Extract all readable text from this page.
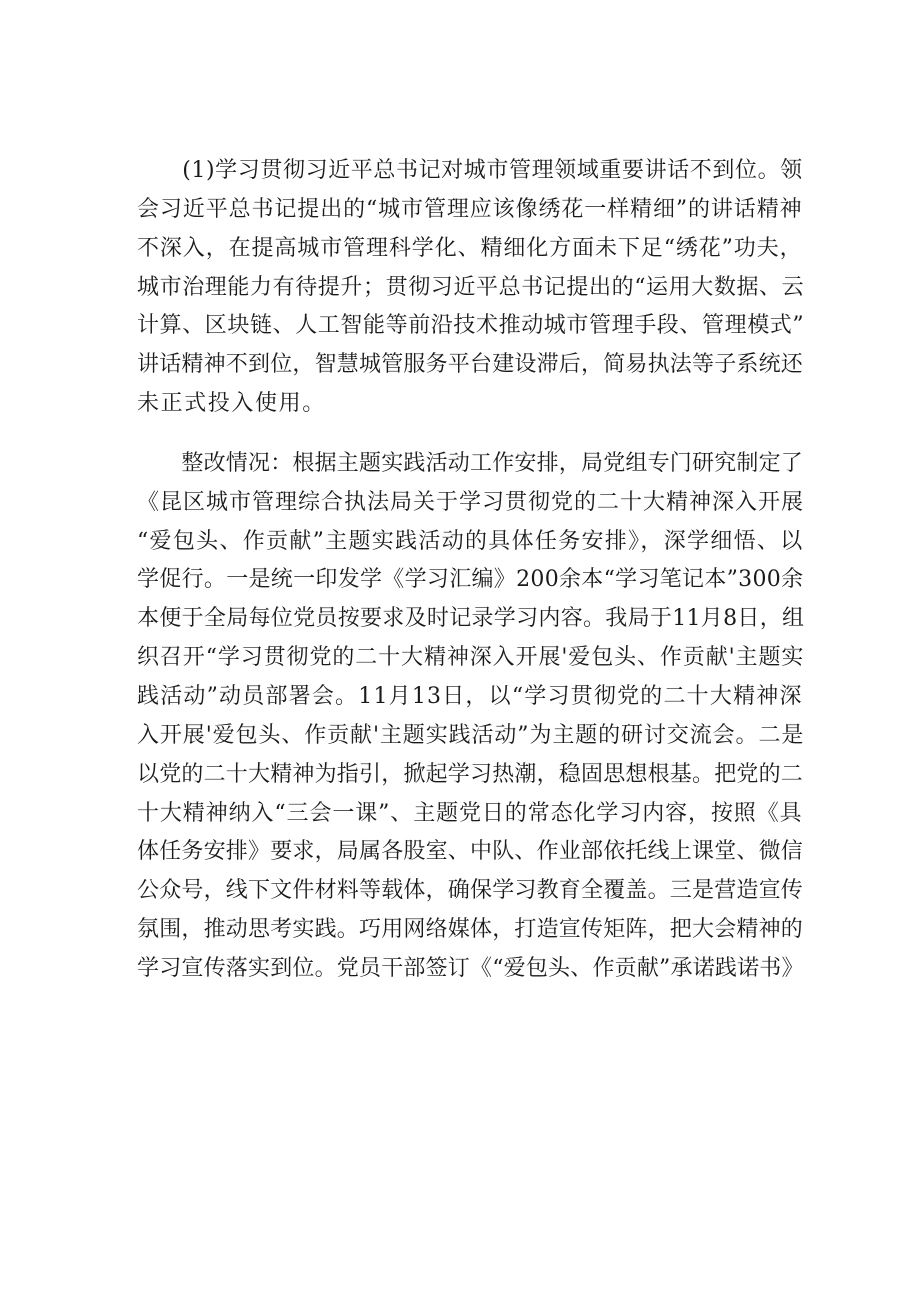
　　(1)学习贯彻习近平总书记对城市管理领域重要讲话不到位。领
会习近平总书记提出的“城市管理应该像绣花一样精细”的讲话精神
不深入，在提高城市管理科学化、精细化方面未下足“绣花”功夫，
城市治理能力有待提升；贯彻习近平总书记提出的“运用大数据、云
计算、区块链、人工智能等前沿技术推动城市管理手段、管理模式”
讲话精神不到位，智慧城管服务平台建设滞后，简易执法等子系统还
未正式投入使用。
　　整改情况：根据主题实践活动工作安排，局党组专门研究制定了
《昆区城市管理综合执法局关于学习贯彻党的二十大精神深入开展
“爱包头、作贡献”主题实践活动的具体任务安排》，深学细悟、以
学促行。一是统一印发学《学习汇编》200余本“学习笔记本”300余
本便于全局每位党员按要求及时记录学习内容。我局于11月8日，组
织召开“学习贯彻党的二十大精神深入开展'爱包头、作贡献'主题实
践活动”动员部署会。11月13日，以“学习贯彻党的二十大精神深
入开展'爱包头、作贡献'主题实践活动”为主题的研讨交流会。二是
以党的二十大精神为指引，掀起学习热潮，稳固思想根基。把党的二
十大精神纳入“三会一课”、主题党日的常态化学习内容，按照《具
体任务安排》要求，局属各股室、中队、作业部依托线上课堂、微信
公众号，线下文件材料等载体，确保学习教育全覆盖。三是营造宣传
氛围，推动思考实践。巧用网络媒体，打造宣传矩阵，把大会精神的
学习宣传落实到位。党员干部签订《“爱包头、作贡献”承诺践诺书》
